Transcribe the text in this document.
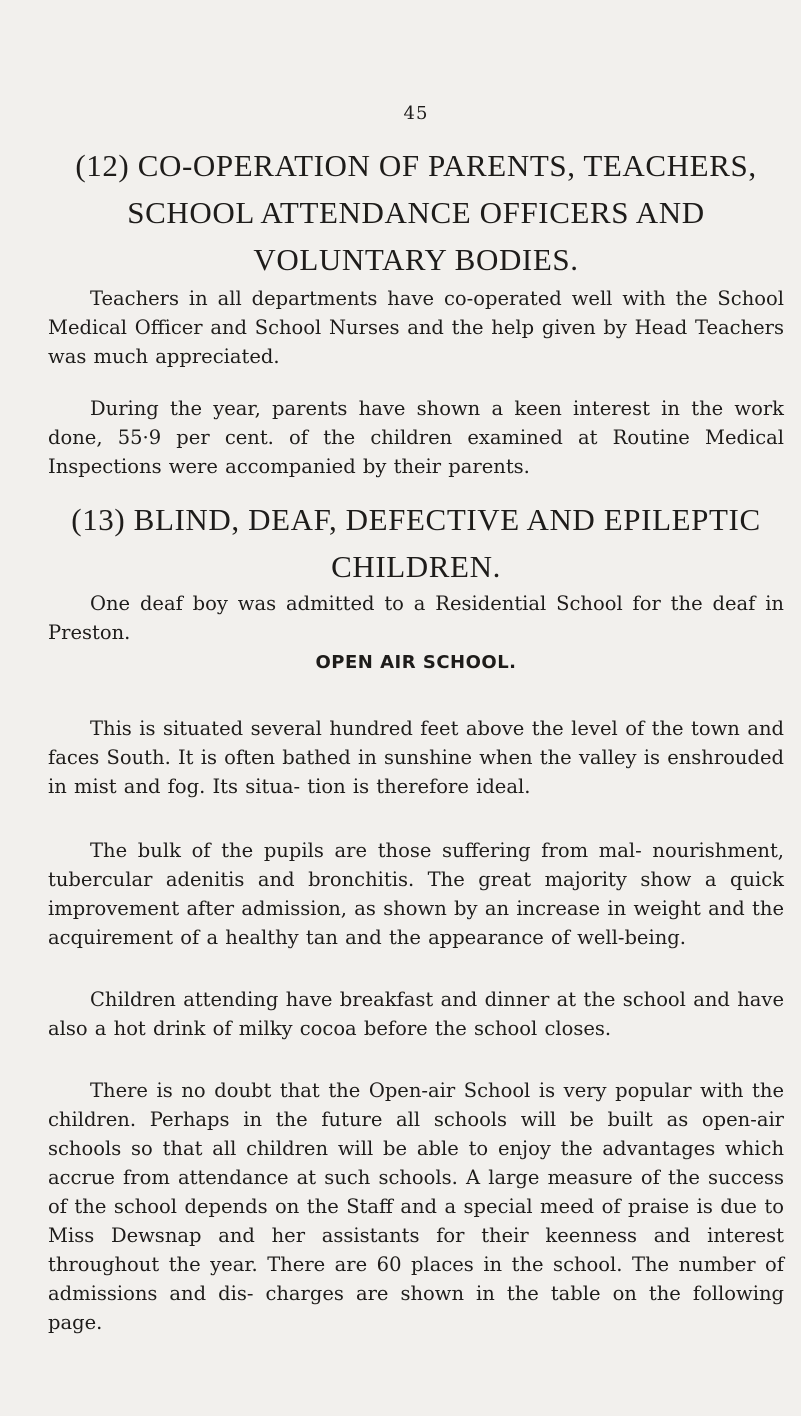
45
(12) CO-OPERATION OF PARENTS, TEACHERS, SCHOOL ATTENDANCE OFFICERS AND VOLUNTARY BODIES.

Teachers in all departments have co-operated well with the School Medical Officer and School Nurses and the help given by Head Teachers was much appreciated.

During the year, parents have shown a keen interest in the work done, 55·9 per cent. of the children examined at Routine Medical Inspections were accompanied by their parents.

(13) BLIND, DEAF, DEFECTIVE AND EPILEPTIC CHILDREN.

One deaf boy was admitted to a Residential School for the deaf in Preston.

OPEN AIR SCHOOL.

This is situated several hundred feet above the level of the town and faces South. It is often bathed in sunshine when the valley is enshrouded in mist and fog. Its situa- tion is therefore ideal.

The bulk of the pupils are those suffering from mal- nourishment, tubercular adenitis and bronchitis. The great majority show a quick improvement after admission, as shown by an increase in weight and the acquirement of a healthy tan and the appearance of well-being.

Children attending have breakfast and dinner at the school and have also a hot drink of milky cocoa before the school closes.

There is no doubt that the Open-air School is very popular with the children. Perhaps in the future all schools will be built as open-air schools so that all children will be able to enjoy the advantages which accrue from attendance at such schools. A large measure of the success of the school depends on the Staff and a special meed of praise is due to Miss Dewsnap and her assistants for their keenness and interest throughout the year. There are 60 places in the school. The number of admissions and dis- charges are shown in the table on the following page.
